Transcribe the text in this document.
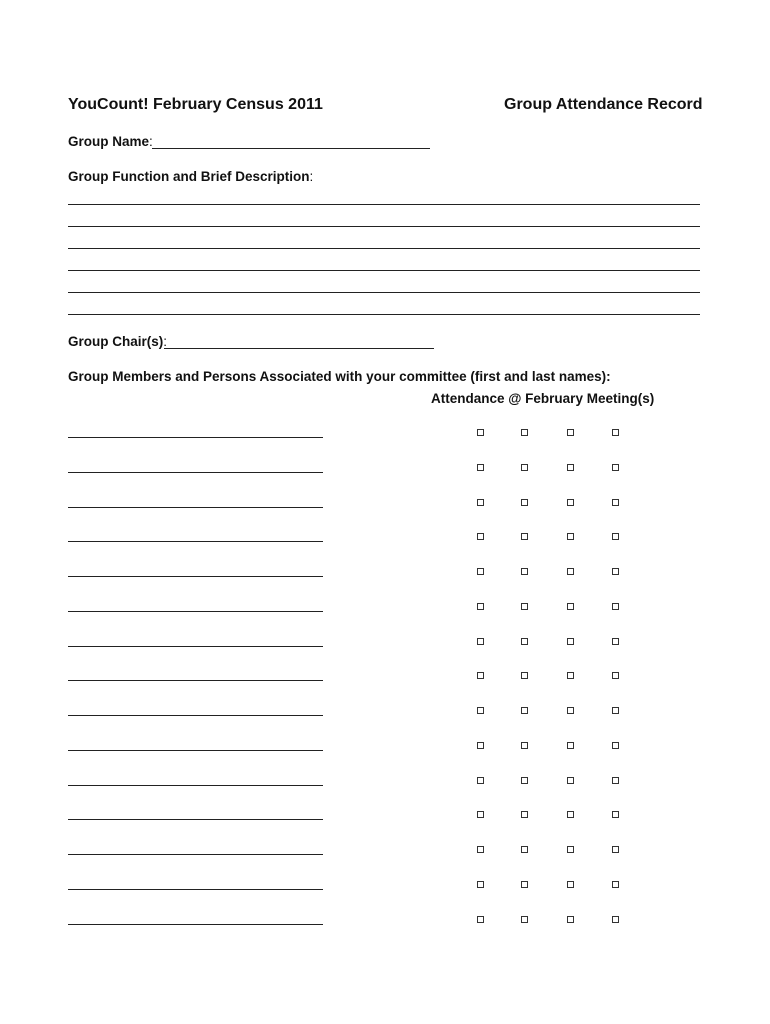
YouCount! February Census 2011	Group Attendance Record
Group Name:
Group Function and Brief Description:
Group Chair(s):
Group Members and Persons Associated with your committee (first and last names):
Attendance @ February Meeting(s)
